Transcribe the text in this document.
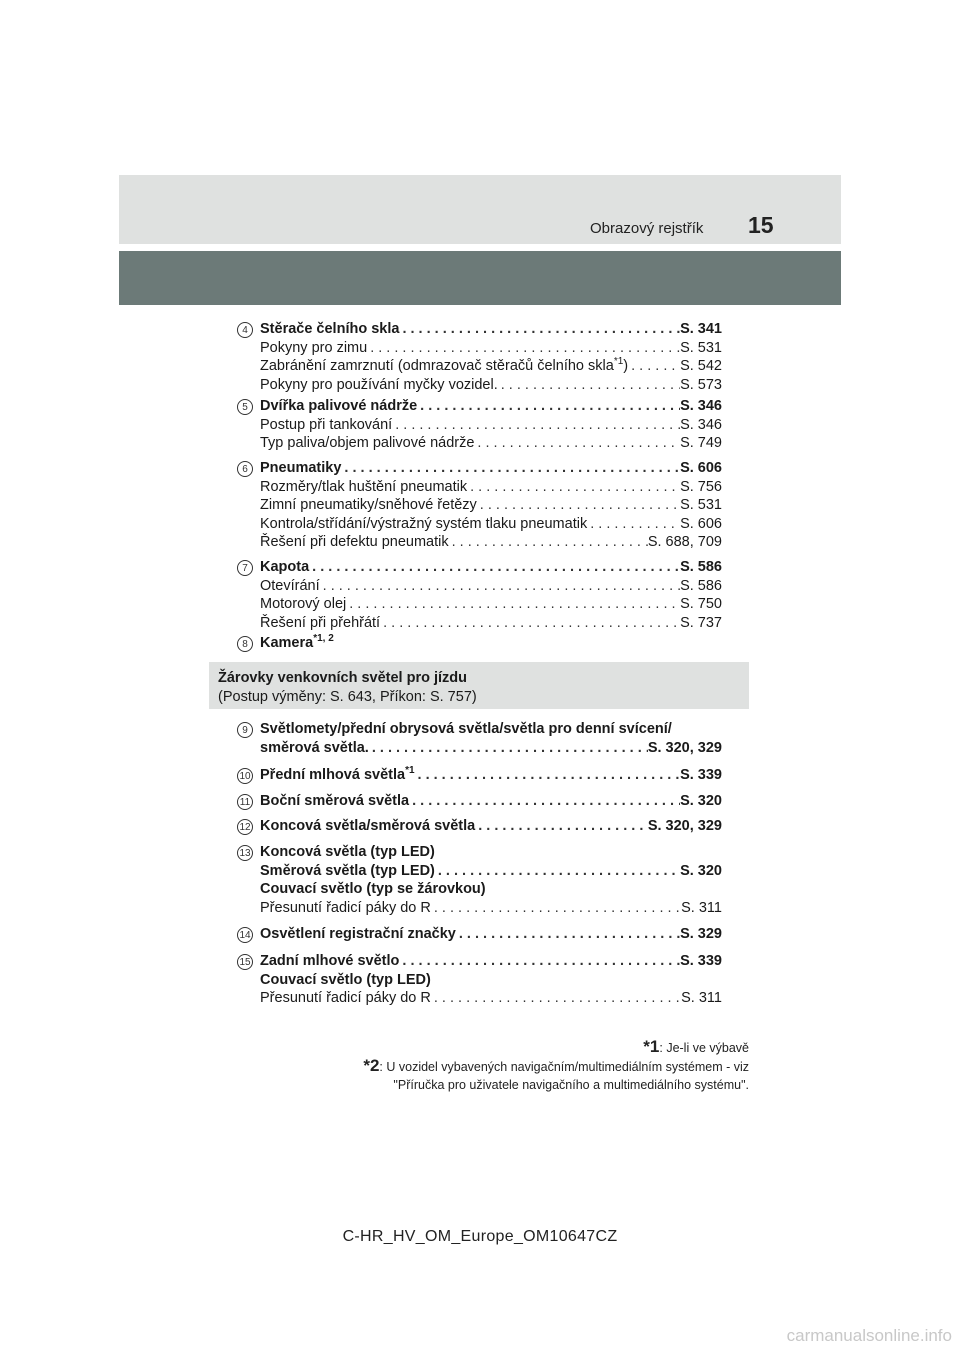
Obrazový rejstřík 15
4 Stěrače čelního skla . . .	S. 341
Pokyny pro zimu . . .	S. 531
Zabránění zamrznutí (odmrazovač stěračů čelního skla$^{*1}$) . . .	S. 542
Pokyny pro používání myčky vozidel. . . .	S. 573
5 Dvířka palivové nádrže . . .	S. 346
Postup při tankování . . .	S. 346
Typ paliva/objem palivové nádrže . . .	S. 749
6 Pneumatiky . . .	S. 606
Rozměry/tlak huštění pneumatik . . .	S. 756
Zimní pneumatiky/sněhové řetězy . . .	S. 531
Kontrola/střídání/výstražný systém tlaku pneumatik . . .	S. 606
Řešení při defektu pneumatik . . .	S. 688, 709
7 Kapota . . .	S. 586
Otevírání . . .	S. 586
Motorový olej . . .	S. 750
Řešení při přehřátí . . .	S. 737
8 Kamera$^{*1, 2}$
9 Světlomety/přední obrysová světla/světla pro denní svícení/
směrová světla. . . .	S. 320, 329
10 Přední mlhová světla$^{*1}$ . . .	S. 339
11 Boční směrová světla . . .	S. 320
12 Koncová světla/směrová světla . . .	S. 320, 329
13 Koncová světla (typ LED)
Směrová světla (typ LED) . . .	S. 320
Couvací světlo (typ se žárovkou)
Přesunutí řadicí páky do R . . .	S. 311
14 Osvětlení registrační značky . . .	S. 329
15 Zadní mlhové světlo . . .	S. 339
Couvací světlo (typ LED)
Přesunutí řadicí páky do R . . .	S. 311
Žárovky venkovních světel pro jízdu
(Postup výměny: S. 643, Příkon: S. 757)
*1: Je-li ve výbavě
*2: U vozidel vybavených navigačním/multimediálním systémem - viz
"Příručka pro uživatele navigačního a multimediálního systému".
C-HR_HV_OM_Europe_OM10647CZ
carmanualsonline.info
